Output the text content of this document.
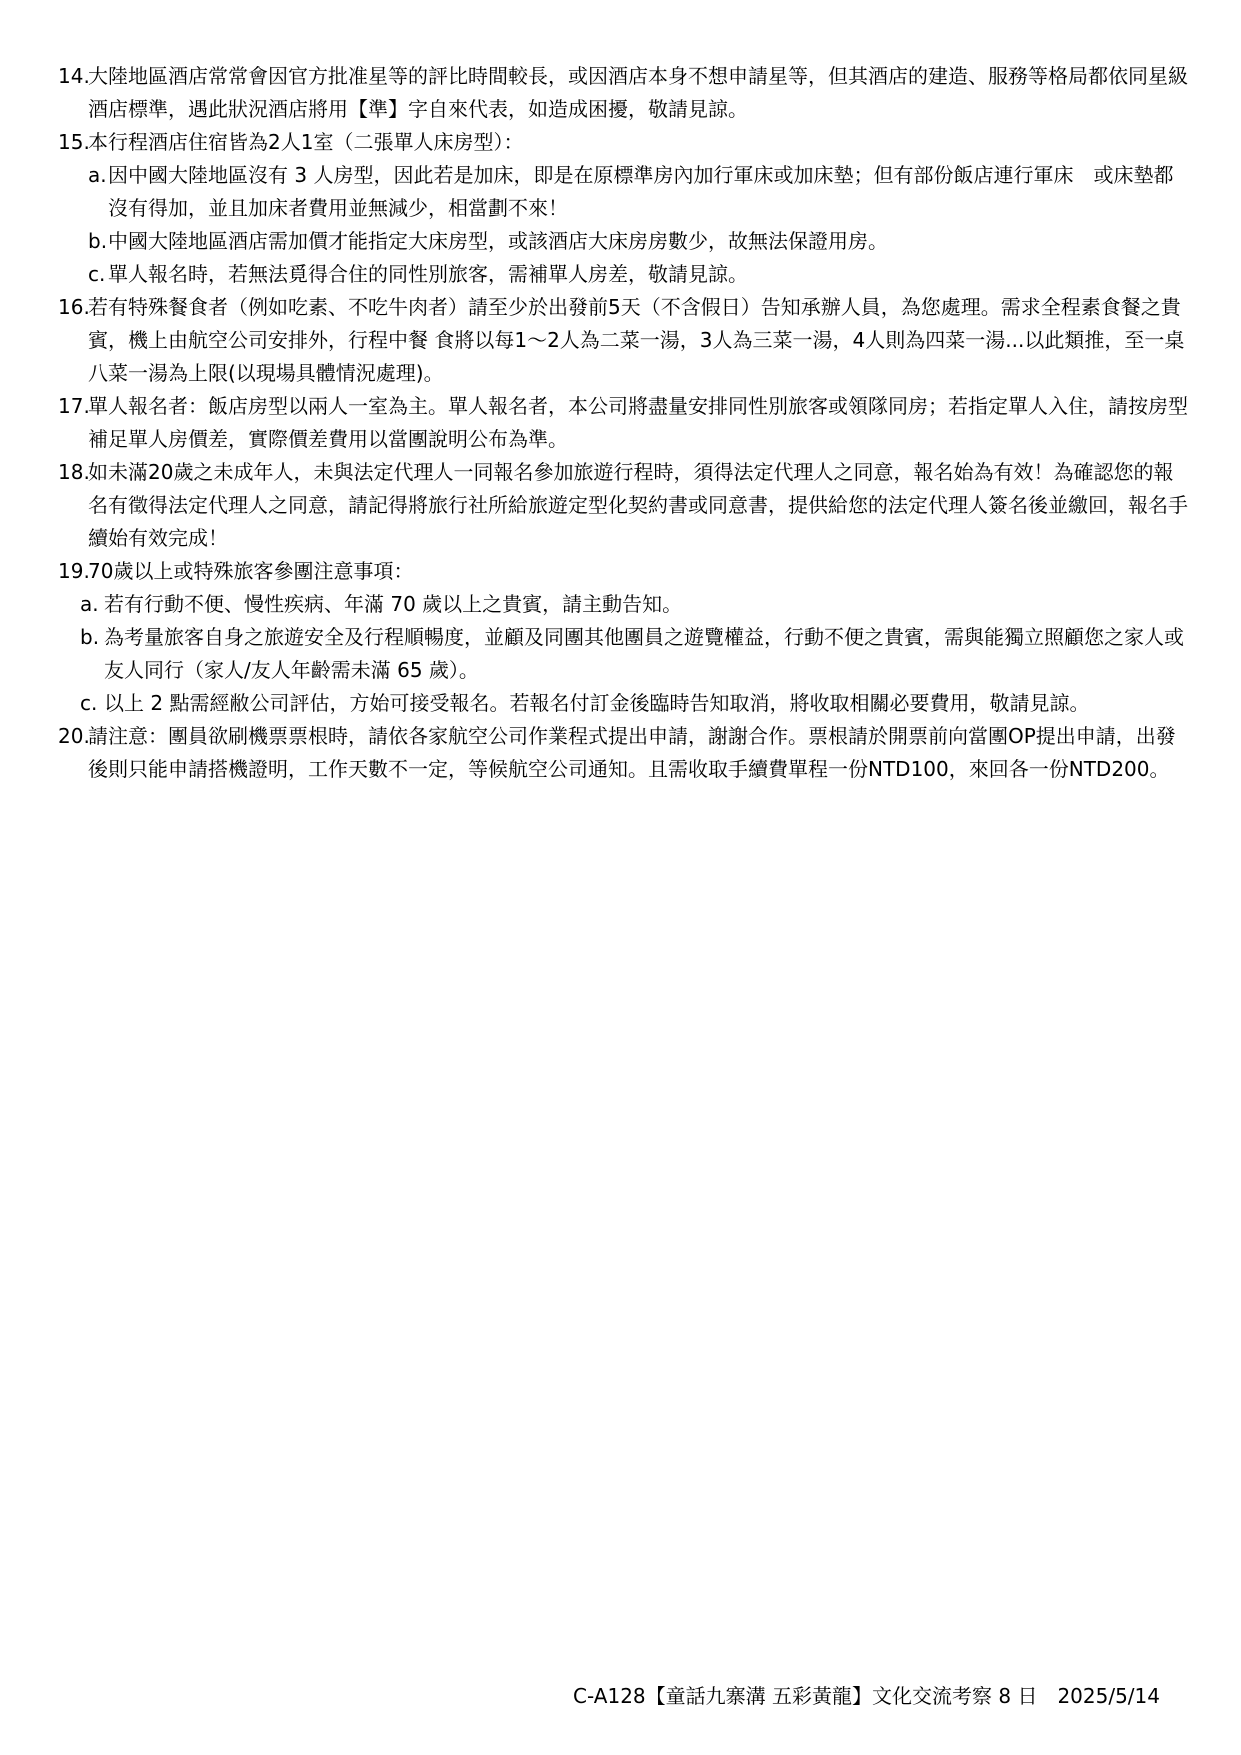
14.
大陸地區酒店常常會因官方批准星等的評比時間較長，或因酒店本身不想申請星等，但其酒店的建造、服務等格局都依同星級酒店標準，遇此狀況酒店將用【準】字自來代表，如造成困擾，敬請見諒。
15.
本行程酒店住宿皆為2人1室（二張單人床房型）：
a. 因中國大陸地區沒有 3 人房型，因此若是加床，即是在原標準房內加行軍床或加床墊；但有部份飯店連行軍床　或床墊都沒有得加，並且加床者費用並無減少，相當劃不來！
b. 中國大陸地區酒店需加價才能指定大床房型，或該酒店大床房房數少，故無法保證用房。
c. 單人報名時，若無法覓得合住的同性別旅客，需補單人房差，敬請見諒。
16.
若有特殊餐食者（例如吃素、不吃牛肉者）請至少於出發前5天（不含假日）告知承辦人員，為您處理。需求全程素食餐之貴賓，機上由航空公司安排外，行程中餐 食將以每1～2人為二菜一湯，3人為三菜一湯，4人則為四菜一湯...以此類推，至一桌八菜一湯為上限(以現場具體情況處理)。
17.
單人報名者：飯店房型以兩人一室為主。單人報名者，本公司將盡量安排同性別旅客或領隊同房；若指定單人入住，請按房型補足單人房價差，實際價差費用以當團說明公布為準。
18.
如未滿20歲之未成年人，未與法定代理人一同報名參加旅遊行程時，須得法定代理人之同意，報名始為有效！為確認您的報名有徵得法定代理人之同意，請記得將旅行社所給旅遊定型化契約書或同意書，提供給您的法定代理人簽名後並繳回，報名手續始有效完成！
19.
70歲以上或特殊旅客參團注意事項：
a. 若有行動不便、慢性疾病、年滿 70 歲以上之貴賓，請主動告知。
b. 為考量旅客自身之旅遊安全及行程順暢度，並顧及同團其他團員之遊覽權益，行動不便之貴賓，需與能獨立照顧您之家人或友人同行（家人/友人年齡需未滿 65 歲）。
c. 以上 2 點需經敝公司評估，方始可接受報名。若報名付訂金後臨時告知取消，將收取相關必要費用，敬請見諒。
20.
請注意：團員欲刷機票票根時，請依各家航空公司作業程式提出申請，謝謝合作。票根請於開票前向當團OP提出申請，出發後則只能申請搭機證明，工作天數不一定，等候航空公司通知。且需收取手續費單程一份NTD100，來回各一份NTD200。
C-A128【童話九寨溝 五彩黃龍】文化交流考察 8 日　2025/5/14
